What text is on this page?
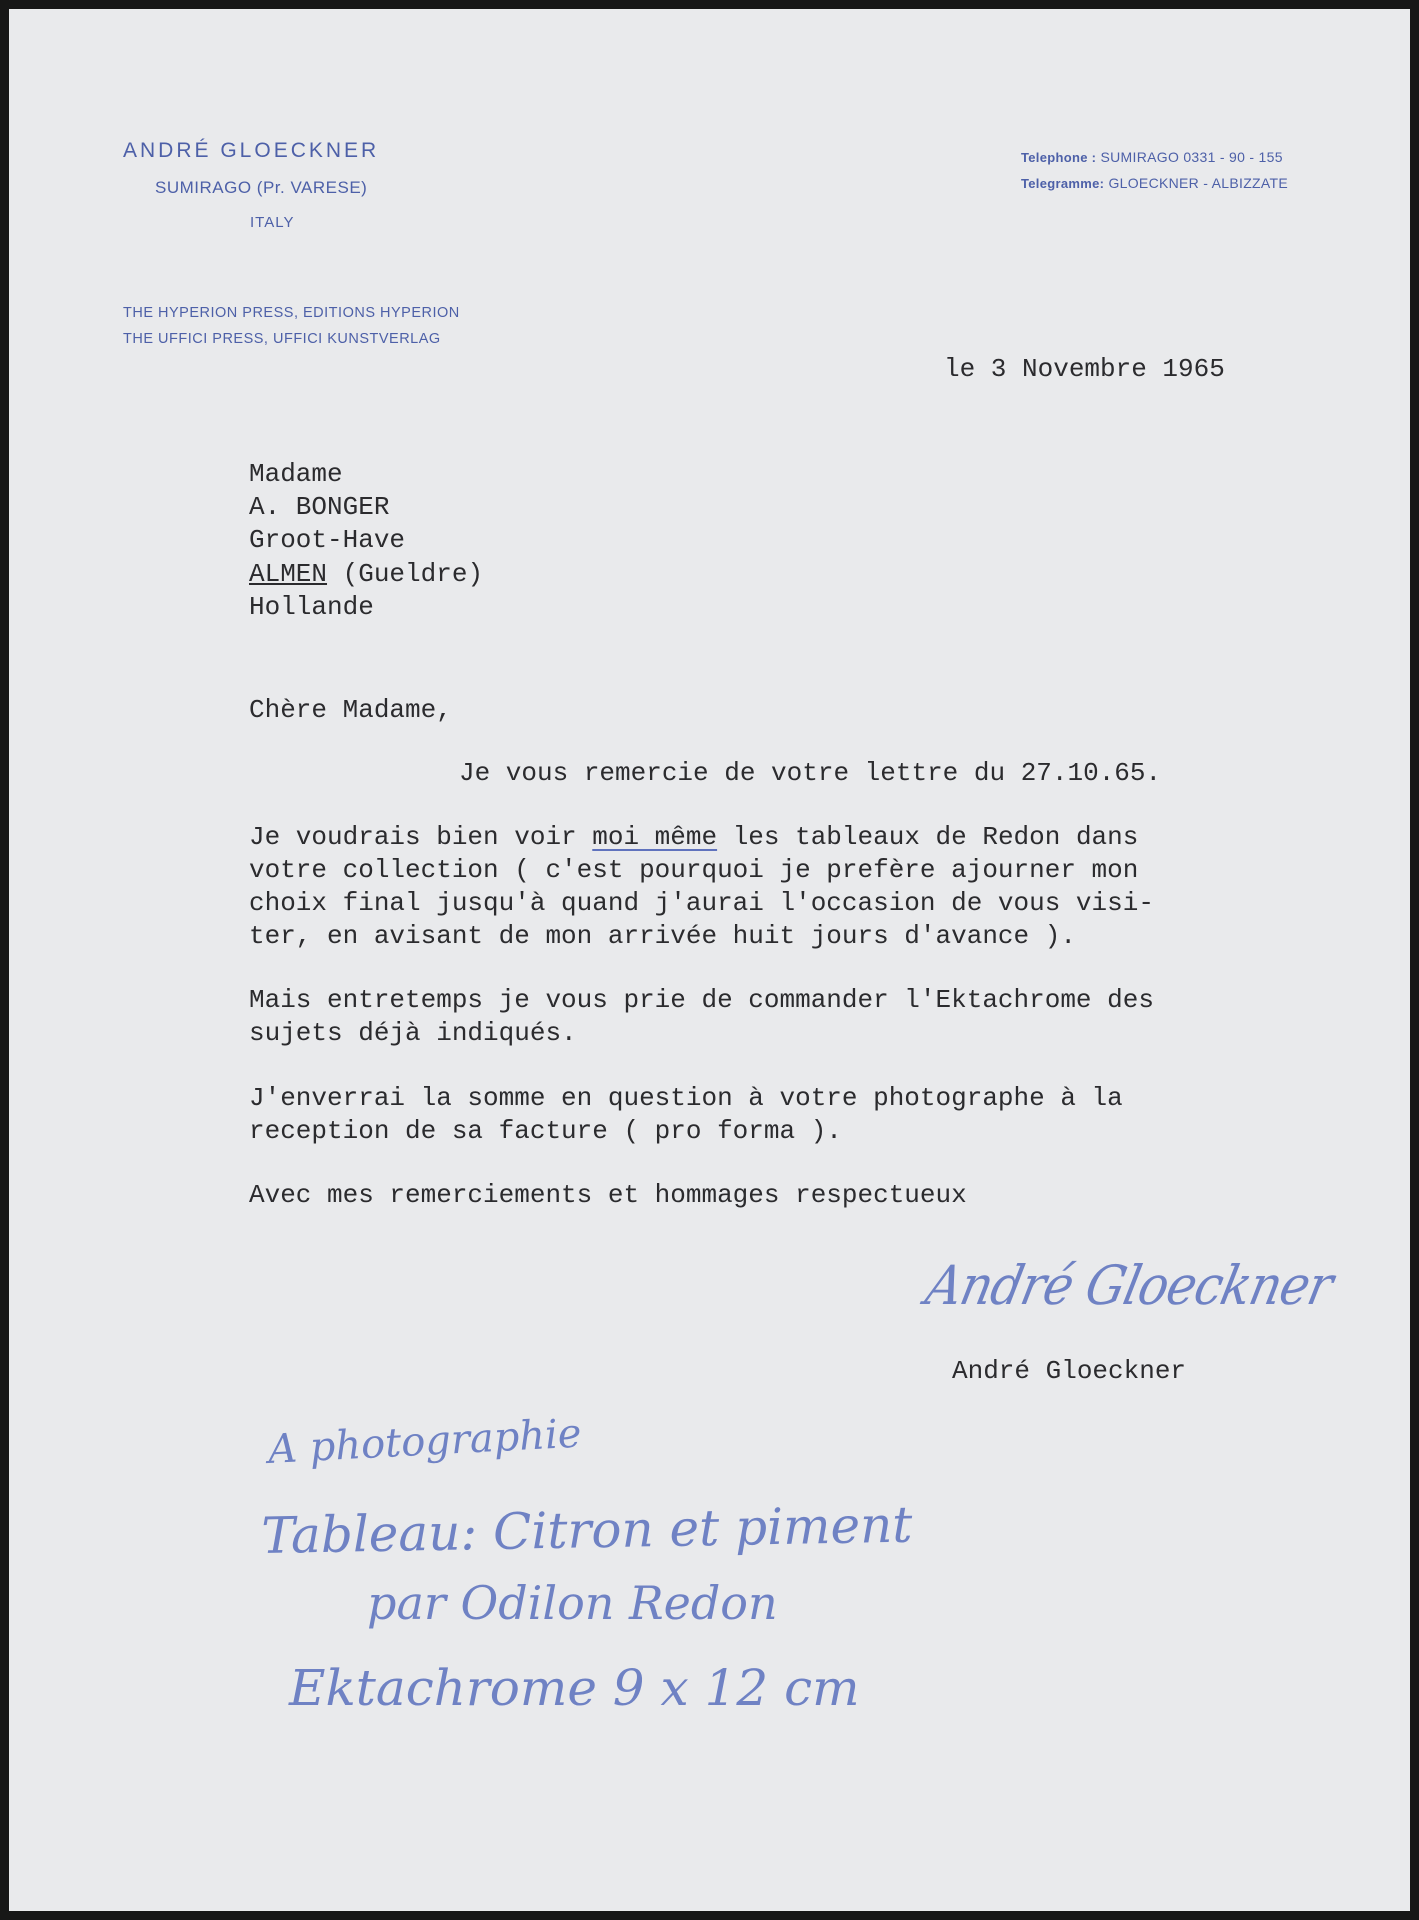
ANDRÉ GLOECKNER
SUMIRAGO (Pr. VARESE)
ITALY
THE HYPERION PRESS, EDITIONS HYPERION
THE UFFICI PRESS, UFFICI KUNSTVERLAG
Telephone : SUMIRAGO 0331 - 90 - 155
Telegramme: GLOECKNER - ALBIZZATE
le 3 Novembre 1965
Madame
A. BONGER
Groot-Have
ALMEN (Gueldre)
Hollande
Chère Madame,
Je vous remercie de votre lettre du 27.10.65.
Je voudrais bien voir moi même les tableaux de Redon dans
votre collection ( c'est pourquoi je prefère ajourner mon
choix final jusqu'à quand j'aurai l'occasion de vous visi-
ter, en avisant de mon arrivée huit jours d'avance ).
Mais entretemps je vous prie de commander l'Ektachrome des
sujets déjà indiqués.
J'enverrai la somme en question à votre photographe à la
reception de sa facture ( pro forma ).
Avec mes remerciements et hommages respectueux
André Gloeckner
André Gloeckner
A photographie
Tableau: Citron et piment
par Odilon Redon
Ektachrome 9 x 12 cm
